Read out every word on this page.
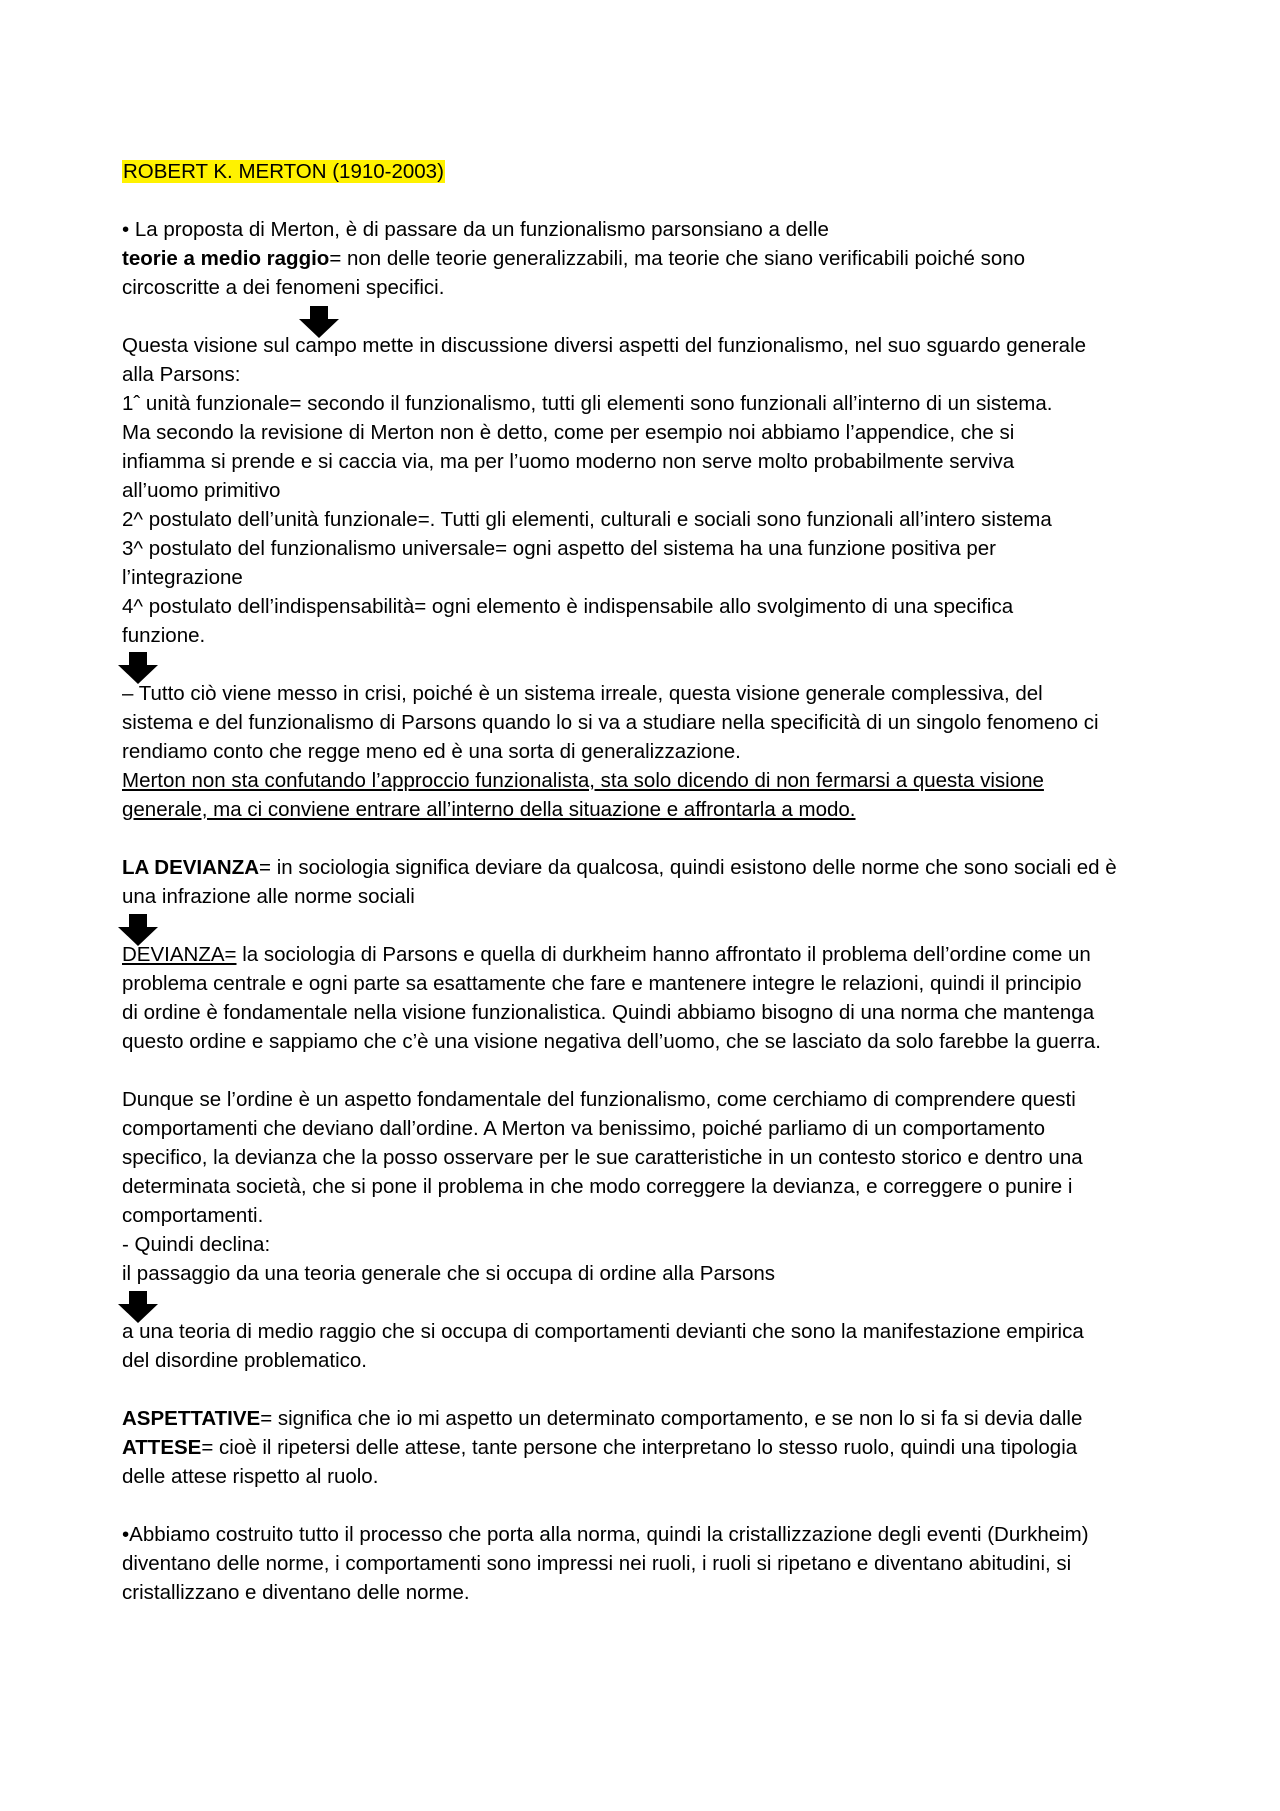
ROBERT K. MERTON (1910-2003)
• La proposta di Merton, è di passare da un funzionalismo parsonsiano a delle
teorie a medio raggio= non delle teorie generalizzabili, ma teorie che siano verificabili poiché sono
circoscritte a dei fenomeni specifici.
Questa visione sul campo mette in discussione diversi aspetti del funzionalismo, nel suo sguardo generale
alla Parsons:
1ˆ unità funzionale= secondo il funzionalismo, tutti gli elementi sono funzionali all’interno di un sistema.
Ma secondo la revisione di Merton non è detto, come per esempio noi abbiamo l’appendice, che si
infiamma si prende e si caccia via, ma per l’uomo moderno non serve molto probabilmente serviva
all’uomo primitivo
2^ postulato dell’unità funzionale=. Tutti gli elementi, culturali e sociali sono funzionali all’intero sistema
3^ postulato del funzionalismo universale= ogni aspetto del sistema ha una funzione positiva per
l’integrazione
4^ postulato dell’indispensabilità= ogni elemento è indispensabile allo svolgimento di una specifica
funzione.
– Tutto ciò viene messo in crisi, poiché è un sistema irreale, questa visione generale complessiva, del
sistema e del funzionalismo di Parsons quando lo si va a studiare nella specificità di un singolo fenomeno ci
rendiamo conto che regge meno ed è una sorta di generalizzazione.
Merton non sta confutando l’approccio funzionalista, sta solo dicendo di non fermarsi a questa visione
generale, ma ci conviene entrare all’interno della situazione e affrontarla a modo.
LA DEVIANZA= in sociologia significa deviare da qualcosa, quindi esistono delle norme che sono sociali ed è
una infrazione alle norme sociali
DEVIANZA= la sociologia di Parsons e quella di durkheim hanno affrontato il problema dell’ordine come un
problema centrale e ogni parte sa esattamente che fare e mantenere integre le relazioni, quindi il principio
di ordine è fondamentale nella visione funzionalistica. Quindi abbiamo bisogno di una norma che mantenga
questo ordine e sappiamo che c’è una visione negativa dell’uomo, che se lasciato da solo farebbe la guerra.
Dunque se l’ordine è un aspetto fondamentale del funzionalismo, come cerchiamo di comprendere questi
comportamenti che deviano dall’ordine. A Merton va benissimo, poiché parliamo di un comportamento
specifico, la devianza che la posso osservare per le sue caratteristiche in un contesto storico e dentro una
determinata società, che si pone il problema in che modo correggere la devianza, e correggere o punire i
comportamenti.
- Quindi declina:
il passaggio da una teoria generale che si occupa di ordine alla Parsons
a una teoria di medio raggio che si occupa di comportamenti devianti che sono la manifestazione empirica
del disordine problematico.
ASPETTATIVE= significa che io mi aspetto un determinato comportamento, e se non lo si fa si devia dalle
ATTESE= cioè il ripetersi delle attese, tante persone che interpretano lo stesso ruolo, quindi una tipologia
delle attese rispetto al ruolo.
•Abbiamo costruito tutto il processo che porta alla norma, quindi la cristallizzazione degli eventi (Durkheim)
diventano delle norme, i comportamenti sono impressi nei ruoli, i ruoli si ripetano e diventano abitudini, si
cristallizzano e diventano delle norme.
